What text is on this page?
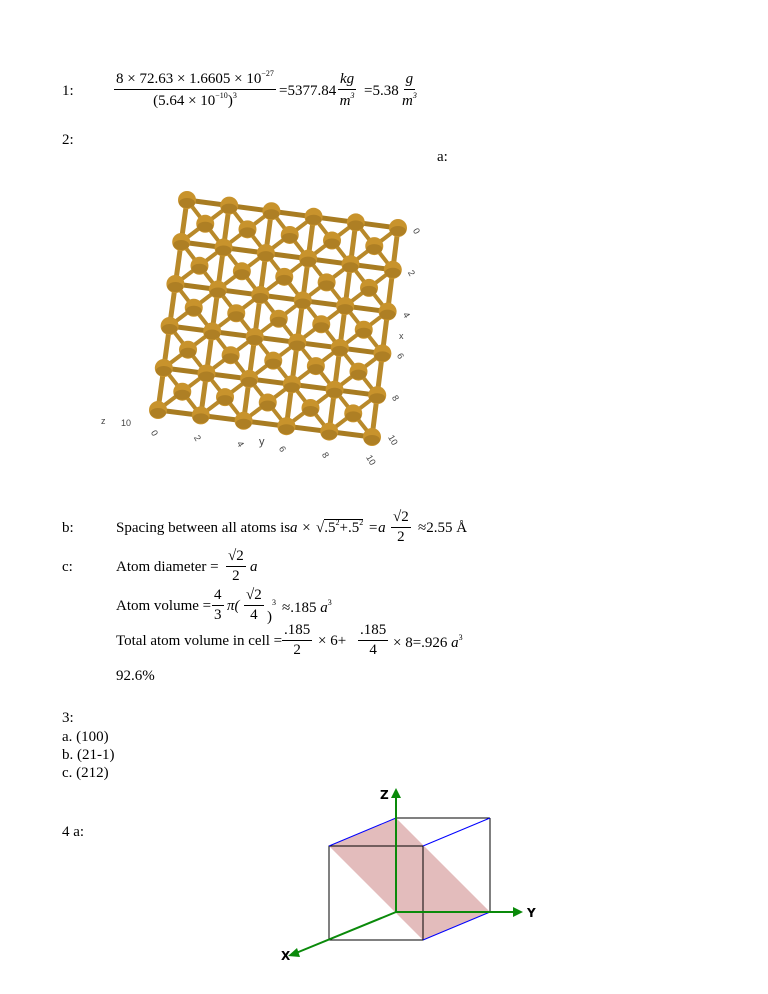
1:	$\frac{8 \times 72.63 \times 1.6605 \times 10^{-27}}{(5.64 \times 10^{-10})^3} =5377.84 \frac{kg}{m^3} =5.38 \frac{g}{m^3}$
2:
a:
x
y
z 10
b:	Spacing between all atoms is $a \times √.5^2+.5^2 =a \frac{√2}{2} \approx 2.55$ Å
c:	Atom diameter = $\frac{√2}{2}$ a
Atom volume = $\frac{4}{3} \pi( \frac{√2}{4} )^3 \approx.185$ $a^3$
Total atom volume in cell = $\frac{.185}{2} \times 6+ \frac{.185}{4} \times 8=.926$ $a^3$
92.6%
3:
a. (100)
b. (21-1)
c. (212)
4 a:
Z
Y
X
0
2
4
6
8
10
0
2
4
6
8	10
